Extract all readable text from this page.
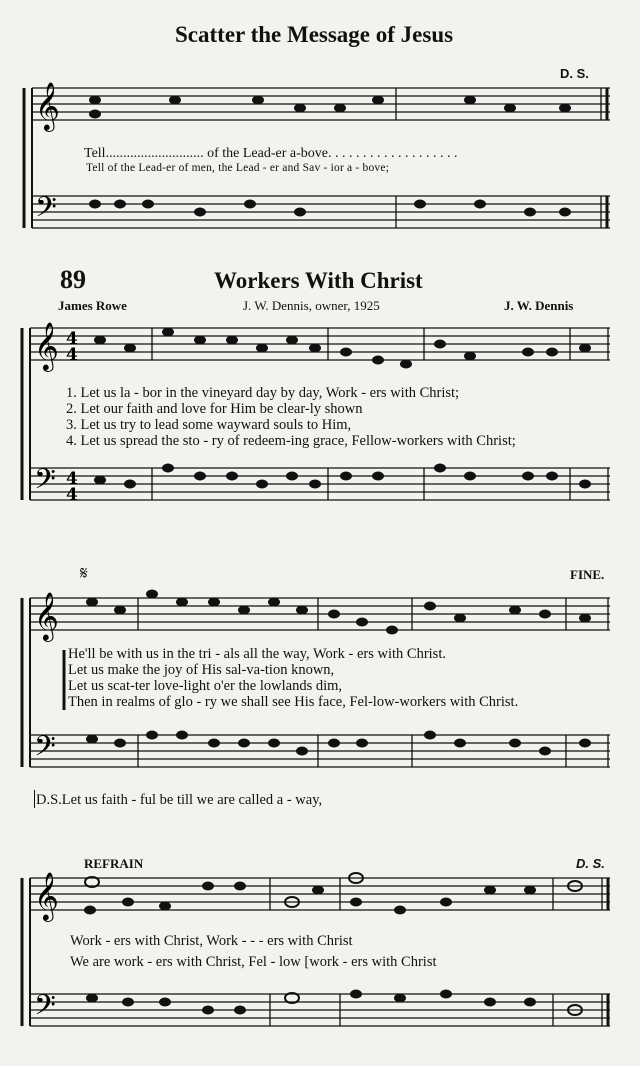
Scatter the Message of Jesus
D. S.
𝄞
𝄢
Tell............................ of the Lead-er a-bove. . . . . . . . . . . . . . . . . . .
Tell of the Lead-er of men, the Lead - er and Sav - ior a - bove;
89	Workers With Christ
James Rowe	J. W. Dennis, owner, 1925	J. W. Dennis
𝄞
𝄢
4
4
4
4
1. Let us la - bor in the vineyard day by day, Work - ers with Christ;
2. Let our faith and love for Him be clear-ly shown
3. Let us try to lead some wayward souls to Him,
4. Let us spread the sto - ry of redeem-ing grace, Fellow-workers with Christ;
𝄋	FINE.
𝄞
𝄢
He'll be with us in the tri - als all the way, Work - ers with Christ.
Let us make the joy of His sal-va-tion known,
Let us scat-ter love-light o'er the lowlands dim,
Then in realms of glo - ry we shall see His face, Fel-low-workers with Christ.
D.S.Let us faith - ful be till we are called a - way,
REFRAIN	D. S.
𝄞
𝄢
Work - ers with Christ, Work - - - ers with Christ
We are work - ers with Christ, Fel - low [work - ers with Christ
